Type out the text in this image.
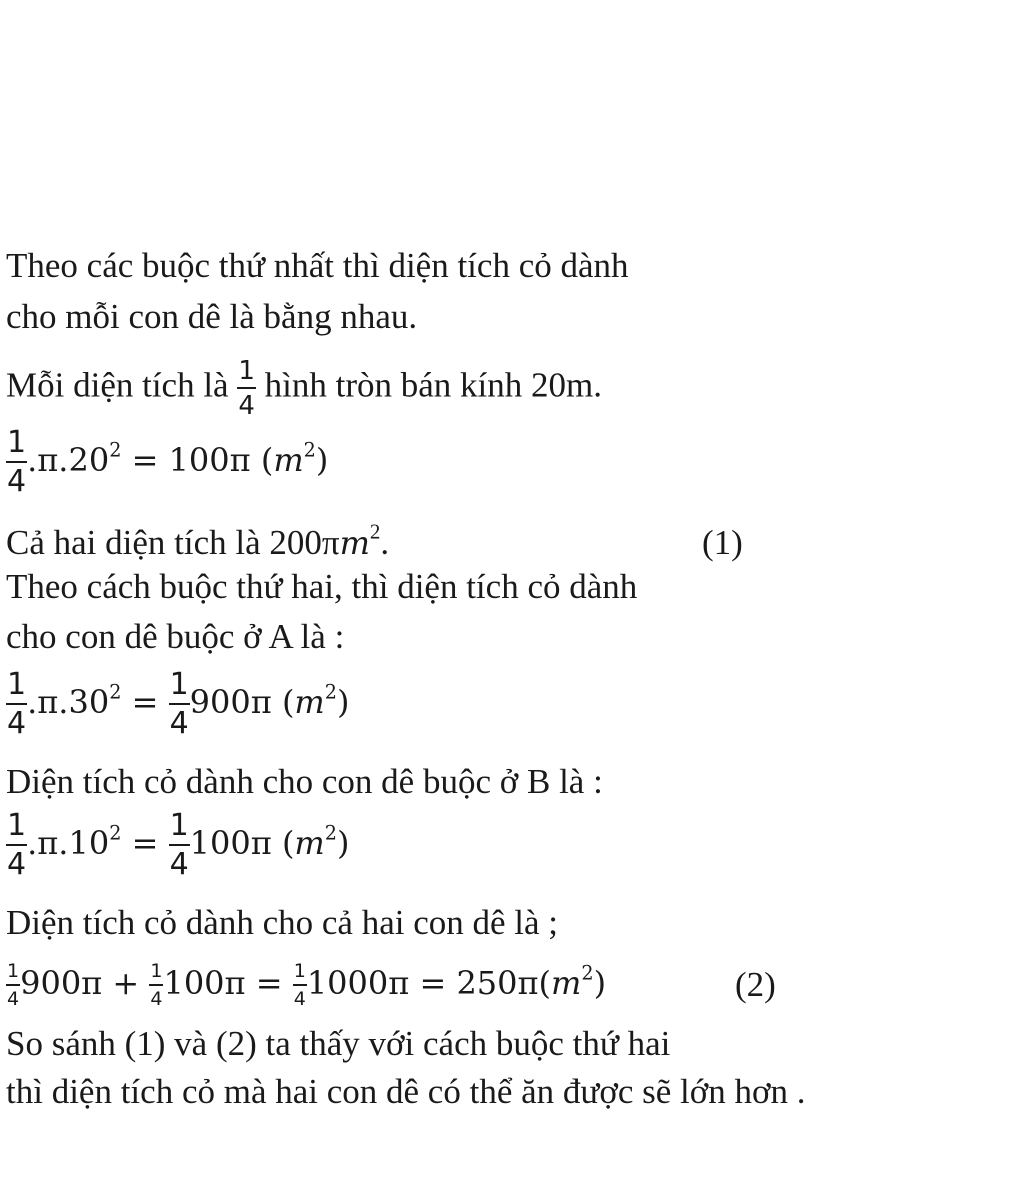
Theo các buộc thứ nhất thì diện tích cỏ dành
cho mỗi con dê là bằng nhau.
Mỗi diện tích là $\frac{1}{4}$ hình tròn bán kính 20m.
$\frac{1}{4} .\pi.20^2 = 100\pi$ $(m^2)$
Cả hai diện tích là $200\pi m^2$.	(1)
Theo cách buộc thứ hai, thì diện tích cỏ dành
cho con dê buộc ở A là :
$\frac{1}{4} .\pi.30^2 = \frac{1}{4} 900\pi$ $(m^2)$
Diện tích cỏ dành cho con dê buộc ở B là :
$\frac{1}{4} .\pi.10^2 = \frac{1}{4} 100\pi$ $(m^2)$
Diện tích cỏ dành cho cả hai con dê là ;
$\frac{1}{4} 900\pi + \frac{1}{4} 100\pi = \frac{1}{4} 1000\pi = 250\pi(m^2)$	(2)
So sánh (1) và (2) ta thấy với cách buộc thứ hai
thì diện tích cỏ mà hai con dê có thể ăn được sẽ lớn hơn .
